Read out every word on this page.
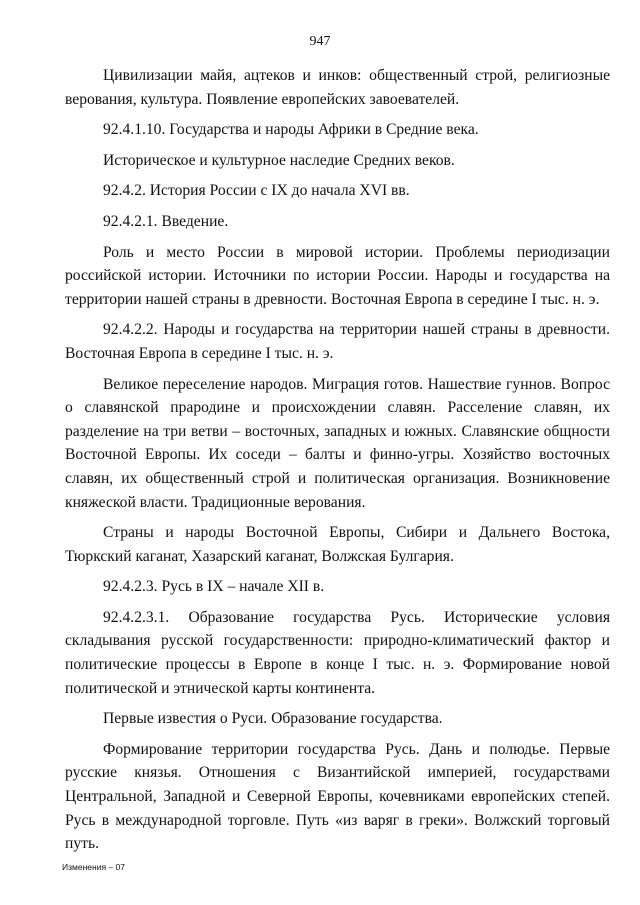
947

Цивилизации майя, ацтеков и инков: общественный строй, религиозные верования, культура. Появление европейских завоевателей.

92.4.1.10. Государства и народы Африки в Средние века.

Историческое и культурное наследие Средних веков.

92.4.2. История России с IX до начала XVI вв.

92.4.2.1. Введение.

Роль и место России в мировой истории. Проблемы периодизации российской истории. Источники по истории России. Народы и государства на территории нашей страны в древности. Восточная Европа в середине I тыс. н. э.

92.4.2.2. Народы и государства на территории нашей страны в древности. Восточная Европа в середине I тыс. н. э.

Великое переселение народов. Миграция готов. Нашествие гуннов. Вопрос о славянской прародине и происхождении славян. Расселение славян, их разделение на три ветви – восточных, западных и южных. Славянские общности Восточной Европы. Их соседи – балты и финно-угры. Хозяйство восточных славян, их общественный строй и политическая организация. Возникновение княжеской власти. Традиционные верования.

Страны и народы Восточной Европы, Сибири и Дальнего Востока, Тюркский каганат, Хазарский каганат, Волжская Булгария.

92.4.2.3. Русь в IX – начале XII в.

92.4.2.3.1. Образование государства Русь. Исторические условия складывания русской государственности: природно-климатический фактор и политические процессы в Европе в конце I тыс. н. э. Формирование новой политической и этнической карты континента.

Первые известия о Руси. Образование государства.

Формирование территории государства Русь. Дань и полюдье. Первые русские князья. Отношения с Византийской империей, государствами Центральной, Западной и Северной Европы, кочевниками европейских степей. Русь в международной торговле. Путь «из варяг в греки». Волжский торговый путь.

Изменения – 07
